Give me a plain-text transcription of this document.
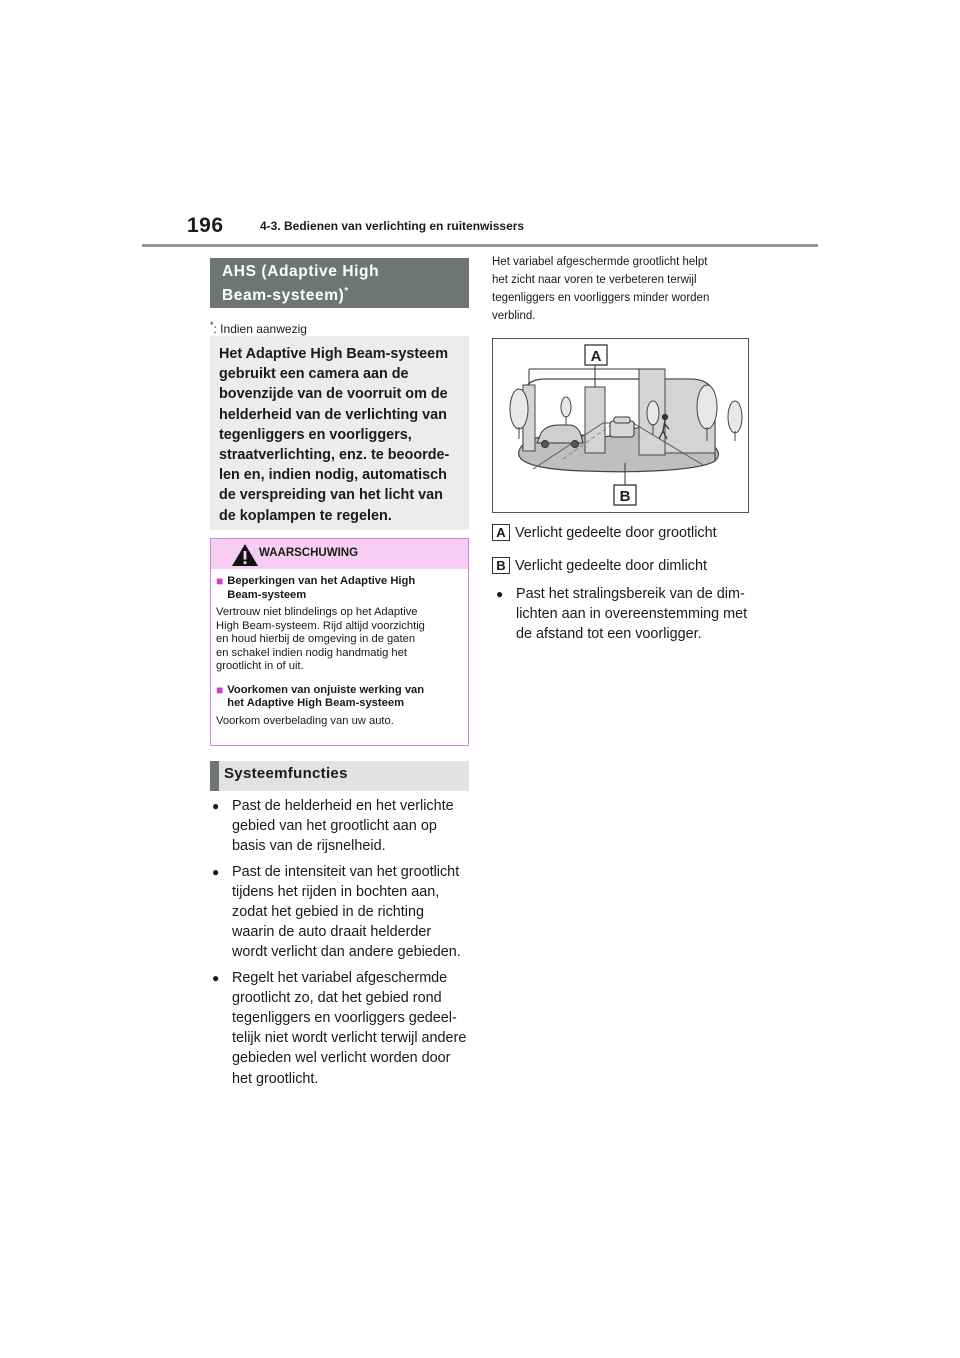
196	4-3. Bedienen van verlichting en ruitenwissers
AHS (Adaptive High
Beam-systeem)*
*: Indien aanwezig
Het Adaptive High Beam-systeem
gebruikt een camera aan de
bovenzijde van de voorruit om de
helderheid van de verlichting van
tegenliggers en voorliggers,
straatverlichting, enz. te beoorde-
len en, indien nodig, automatisch
de verspreiding van het licht van
de koplampen te regelen.
WAARSCHUWING
■ Beperkingen van het Adaptive High
Beam-systeem
Vertrouw niet blindelings op het Adaptive
High Beam-systeem. Rijd altijd voorzichtig
en houd hierbij de omgeving in de gaten
en schakel indien nodig handmatig het
grootlicht in of uit.
■ Voorkomen van onjuiste werking van
het Adaptive High Beam-systeem
Voorkom overbelading van uw auto.
Systeemfuncties
● Past de helderheid en het verlichte
gebied van het grootlicht aan op
basis van de rijsnelheid.
● Past de intensiteit van het grootlicht
tijdens het rijden in bochten aan,
zodat het gebied in de richting
waarin de auto draait helderder
wordt verlicht dan andere gebieden.
● Regelt het variabel afgeschermde
grootlicht zo, dat het gebied rond
tegenliggers en voorliggers gedeel-
telijk niet wordt verlicht terwijl andere
gebieden wel verlicht worden door
het grootlicht.
Het variabel afgeschermde grootlicht helpt
het zicht naar voren te verbeteren terwijl
tegenliggers en voorliggers minder worden
verblind.
A
B
A Verlicht gedeelte door grootlicht
B Verlicht gedeelte door dimlicht
● Past het stralingsbereik van de dim-
lichten aan in overeenstemming met
de afstand tot een voorligger.
